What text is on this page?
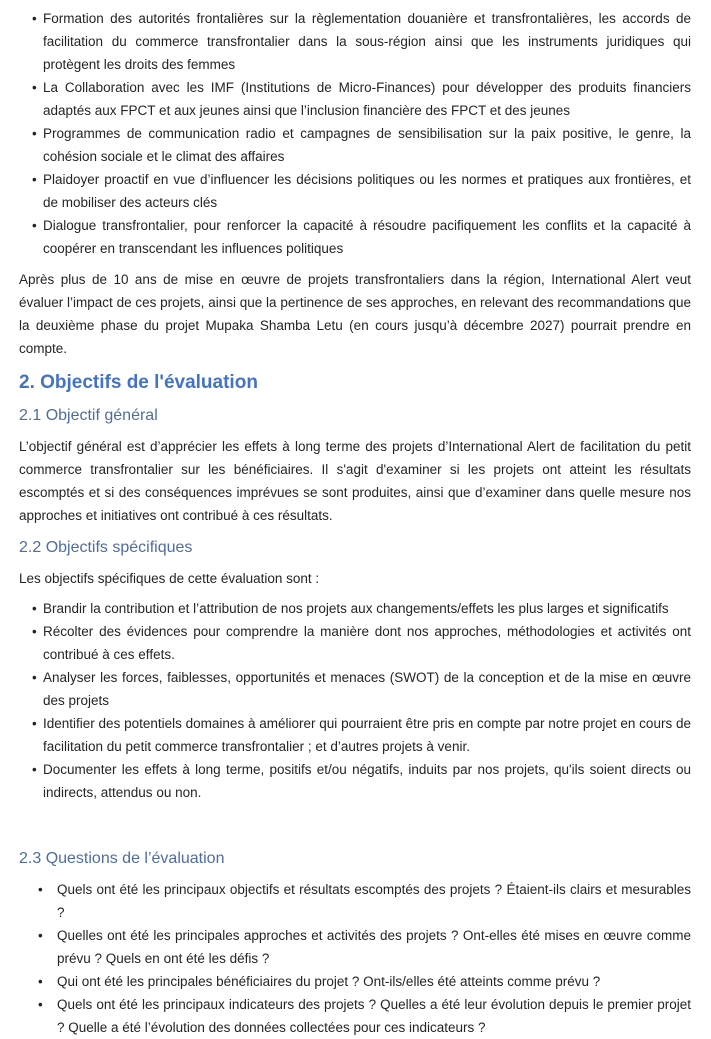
• Formation des autorités frontalières sur la règlementation douanière et transfrontalières, les accords de facilitation du commerce transfrontalier dans la sous-région ainsi que les instruments juridiques qui protègent les droits des femmes
• La Collaboration avec les IMF (Institutions de Micro-Finances) pour développer des produits financiers adaptés aux FPCT et aux jeunes ainsi que l’inclusion financière des FPCT et des jeunes
• Programmes de communication radio et campagnes de sensibilisation sur la paix positive, le genre, la cohésion sociale et le climat des affaires
• Plaidoyer proactif en vue d’influencer les décisions politiques ou les normes et pratiques aux frontières, et de mobiliser des acteurs clés
• Dialogue transfrontalier, pour renforcer la capacité à résoudre pacifiquement les conflits et la capacité à coopérer en transcendant les influences politiques

Après plus de 10 ans de mise en œuvre de projets transfrontaliers dans la région, International Alert veut évaluer l’impact de ces projets, ainsi que la pertinence de ses approches, en relevant des recommandations que la deuxième phase du projet Mupaka Shamba Letu (en cours jusqu’à décembre 2027) pourrait prendre en compte.

2. Objectifs de l'évaluation
2.1 Objectif général

L’objectif général est d’apprécier les effets à long terme des projets d’International Alert de facilitation du petit commerce transfrontalier sur les bénéficiaires. Il s'agit d'examiner si les projets ont atteint les résultats escomptés et si des conséquences imprévues se sont produites, ainsi que d’examiner dans quelle mesure nos approches et initiatives ont contribué à ces résultats.

2.2 Objectifs spécifiques

Les objectifs spécifiques de cette évaluation sont :

• Brandir la contribution et l’attribution de nos projets aux changements/effets les plus larges et significatifs
• Récolter des évidences pour comprendre la manière dont nos approches, méthodologies et activités ont contribué à ces effets.
• Analyser les forces, faiblesses, opportunités et menaces (SWOT) de la conception et de la mise en œuvre des projets
• Identifier des potentiels domaines à améliorer qui pourraient être pris en compte par notre projet en cours de facilitation du petit commerce transfrontalier ; et d’autres projets à venir.
• Documenter les effets à long terme, positifs et/ou négatifs, induits par nos projets, qu'ils soient directs ou indirects, attendus ou non.
2.3 Questions de l’évaluation
• Quels ont été les principaux objectifs et résultats escomptés des projets ? Étaient-ils clairs et mesurables ?
• Quelles ont été les principales approches et activités des projets ? Ont-elles été mises en œuvre comme prévu ? Quels en ont été les défis ?
• Qui ont été les principales bénéficiaires du projet ? Ont-ils/elles été atteints comme prévu ?
• Quels ont été les principaux indicateurs des projets ? Quelles a été leur évolution depuis le premier projet ? Quelle a été l’évolution des données collectées pour ces indicateurs ?
